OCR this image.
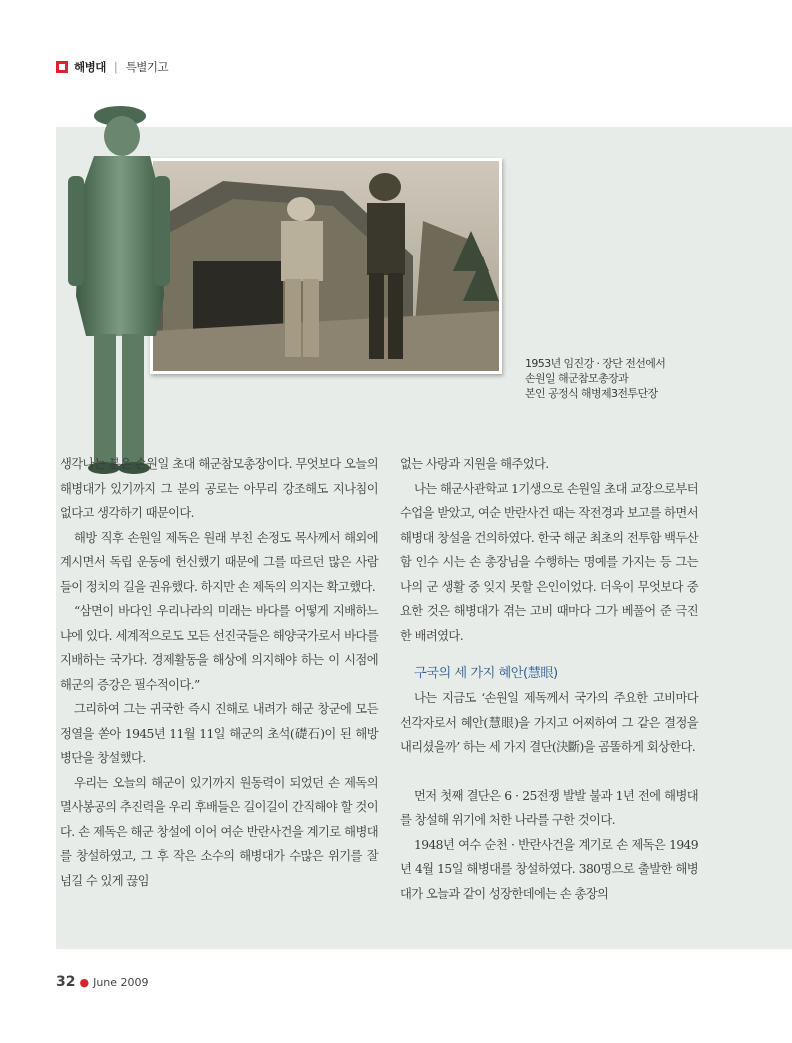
해병대 | 특별기고
1953년 임진강 · 장단 전선에서
손원일 해군참모총장과
본인 공정식 해병제3전투단장

생각나는 분은 손원일 초대 해군참모총장이다. 무엇보다 오늘의 해병대가 있기까지 그 분의 공로는 아무리 강조해도 지나침이 없다고 생각하기 때문이다.

해방 직후 손원일 제독은 원래 부친 손정도 목사께서 해외에 계시면서 독립 운동에 헌신했기 때문에 그를 따르던 많은 사람들이 정치의 길을 권유했다. 하지만 손 제독의 의지는 확고했다.

“삼면이 바다인 우리나라의 미래는 바다를 어떻게 지배하느냐에 있다. 세계적으로도 모든 선진국들은 해양국가로서 바다를 지배하는 국가다. 경제활동을 해상에 의지해야 하는 이 시점에 해군의 증강은 필수적이다.”

그리하여 그는 귀국한 즉시 진해로 내려가 해군 창군에 모든 정열을 쏟아 1945년 11월 11일 해군의 초석(礎石)이 된 해방병단을 창설했다.

우리는 오늘의 해군이 있기까지 원동력이 되었던 손 제독의 멸사봉공의 추진력을 우리 후배들은 길이길이 간직해야 할 것이다. 손 제독은 해군 창설에 이어 여순 반란사건을 계기로 해병대를 창설하였고, 그 후 작은 소수의 해병대가 수많은 위기를 잘 넘길 수 있게 끊임

없는 사랑과 지원을 해주었다.

나는 해군사관학교 1기생으로 손원일 초대 교장으로부터 수업을 받았고, 여순 반란사건 때는 작전경과 보고를 하면서 해병대 창설을 건의하였다. 한국 해군 최초의 전투함 백두산함 인수 시는 손 총장님을 수행하는 명예를 가지는 등 그는 나의 군 생활 중 잊지 못할 은인이었다. 더욱이 무엇보다 중요한 것은 해병대가 겪는 고비 때마다 그가 베풀어 준 극진한 배려였다.

구국의 세 가지 혜안(慧眼)

나는 지금도 ‘손원일 제독께서 국가의 주요한 고비마다 선각자로서 혜안(慧眼)을 가지고 어찌하여 그 같은 결정을 내리셨을까’ 하는 세 가지 결단(決斷)을 곰똘하게 회상한다.

먼저 첫째 결단은 6 · 25전쟁 발발 불과 1년 전에 해병대를 창설해 위기에 처한 나라를 구한 것이다.

1948년 여수 순천 · 반란사건을 계기로 손 제독은 1949년 4월 15일 해병대를 창설하였다. 380명으로 출발한 해병대가 오늘과 같이 성장한데에는 손 총장의

32 ● June 2009
